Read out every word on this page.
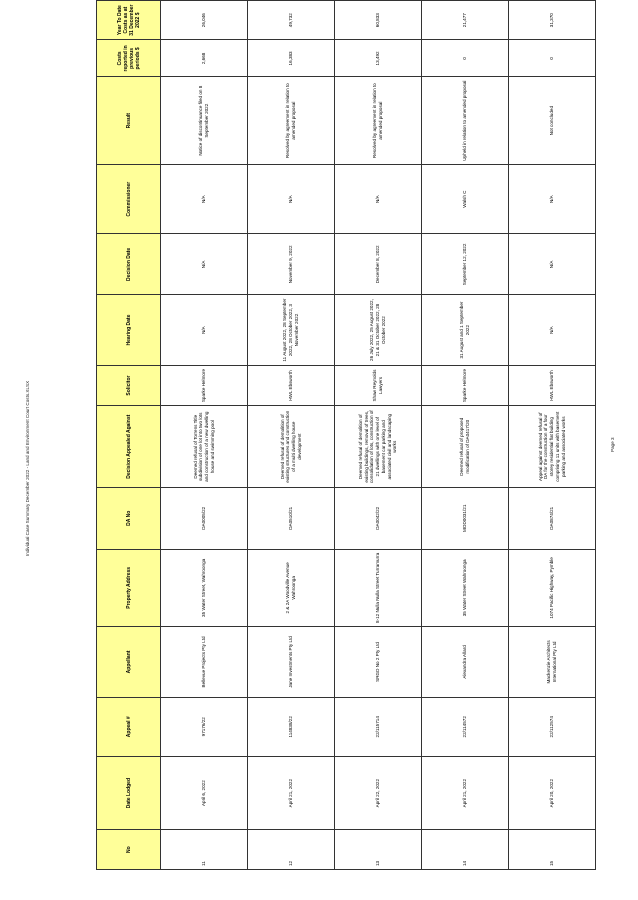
Individual Case Summary December 2022 - Land and Environment Court Costs.XLSX
No	Date Lodged	Appeal #	Appellant	Property Address	DA No	Decision Appealed Against	Solicitor	Hearing Date	Decision Date	Commissioner	Result	Costs reported in previous periods $	Year To Date Costs as at 31 December 2022 $
11	April 6, 2022	97176/22	Bellevue Projects Pty Ltd	35 Water Street, Wahroonga	DA0005/22	Deemed refusal of Torrens Title subdivision of one lot into two lots and construction of a new dwelling house and swimming pool	Sparke Helmore	N/A	N/A	N/A	Notice of discontinuance filed on 8 September 2022	2,668	26,046
12	April 21, 2022	114838/22	Jane Investments Pty Ltd	2 & 2A Woodville Avenue Wahroonga	DA0510/21	Deemed refusal of demolition of existing structures and construction of a multi dwelling house development	HWL Ebsworth	11 August 2022, 28 September 2022, 28 October 2022, 3 November 2022	November 9, 2022	N/A	Resolved by agreement in relation to amended proposal	16,383	49,732
13	April 22, 2022	22/115714	SRGD No 2 Pty Ltd	8-12 Nulla Nulla Street Turramurra	DA0042/22	Deemed refusal of demolition of existing buildings, removal of trees, consolidation of lots, construction of 21 dwellings with one level of basement car parking and associated civil and landscaping works	Shaw Reynolds Lawyers	26 July 2022, 25 August 2022, 21 & 31 October 2022, 28 October 2022	December 8, 2022	N/A	Resolved by agreement in relation to amended proposal	13,492	60,833
14	April 21, 2022	22/114572	Alexandra Allard	35 Water Street Wahroonga	MOD0031/21	Deemed refusal of proposed modification of DA0417/20	Sparke Helmore	31 August and 1 September 2022	September 12, 2022	Walsh C	Upheld in relation to amended proposal	0	21,477
15	April 20, 2022	22/112574	Mackenzie Architects International Pty Ltd	1074 Pacific Highway, Pymble	DA0874/21	Appeal against deemed refusal of DA for the construction of a four storey residential flat building comprising 11 units with basement parking and associated works	HWL Ebsworth	N/A	N/A	N/A	Not concluded	0	31,370
Page 3
